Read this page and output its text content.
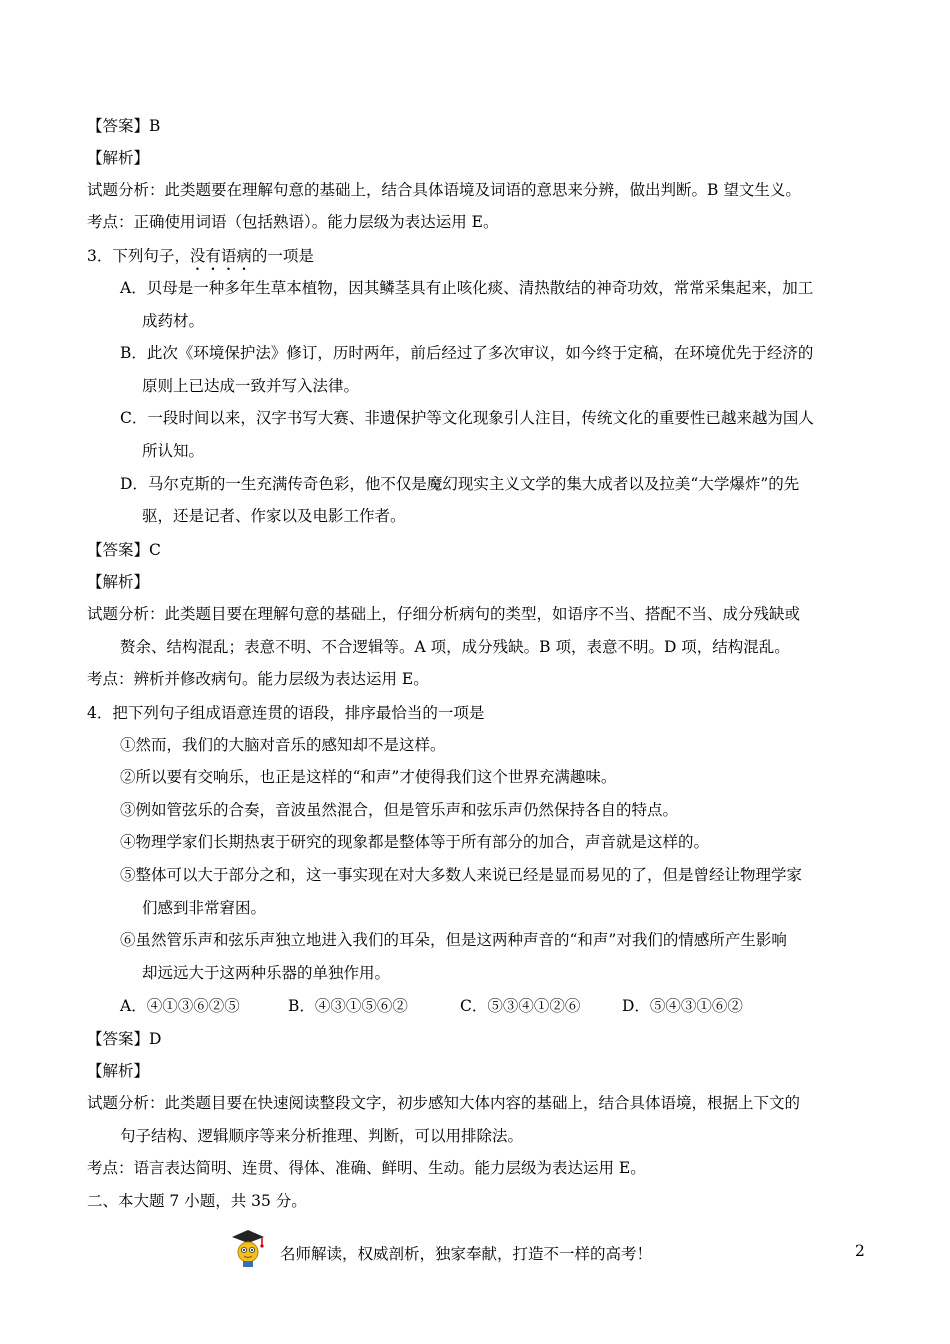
【答案】B
【解析】
试题分析：此类题要在理解句意的基础上，结合具体语境及词语的意思来分辨，做出判断。B 望文生义。
考点：正确使用词语（包括熟语）。能力层级为表达运用 E。
3．下列句子，没有语病的一项是
A．贝母是一种多年生草本植物，因其鳞茎具有止咳化痰、清热散结的神奇功效，常常采集起来，加工
成药材。
B．此次《环境保护法》修订，历时两年，前后经过了多次审议，如今终于定稿，在环境优先于经济的
原则上已达成一致并写入法律。
C．一段时间以来，汉字书写大赛、非遗保护等文化现象引人注目，传统文化的重要性已越来越为国人
所认知。
D．马尔克斯的一生充满传奇色彩，他不仅是魔幻现实主义文学的集大成者以及拉美“大学爆炸”的先
驱，还是记者、作家以及电影工作者。
【答案】C
【解析】
试题分析：此类题目要在理解句意的基础上，仔细分析病句的类型，如语序不当、搭配不当、成分残缺或
赘余、结构混乱；表意不明、不合逻辑等。A 项，成分残缺。B 项，表意不明。D 项，结构混乱。
考点：辨析并修改病句。能力层级为表达运用 E。
4．把下列句子组成语意连贯的语段，排序最恰当的一项是
①然而，我们的大脑对音乐的感知却不是这样。
②所以要有交响乐，也正是这样的“和声”才使得我们这个世界充满趣味。
③例如管弦乐的合奏，音波虽然混合，但是管乐声和弦乐声仍然保持各自的特点。
④物理学家们长期热衷于研究的现象都是整体等于所有部分的加合，声音就是这样的。
⑤整体可以大于部分之和，这一事实现在对大多数人来说已经是显而易见的了，但是曾经让物理学家
们感到非常窘困。
⑥虽然管乐声和弦乐声独立地进入我们的耳朵，但是这两种声音的“和声”对我们的情感所产生影响
却远远大于这两种乐器的单独作用。
A．④①③⑥②⑤	B．④③①⑤⑥②	C．⑤③④①②⑥	D．⑤④③①⑥②
【答案】D
【解析】
试题分析：此类题目要在快速阅读整段文字，初步感知大体内容的基础上，结合具体语境，根据上下文的
句子结构、逻辑顺序等来分析推理、判断，可以用排除法。
考点：语言表达简明、连贯、得体、准确、鲜明、生动。能力层级为表达运用 E。
二、本大题 7 小题，共 35 分。
名师解读，权威剖析，独家奉献，打造不一样的高考！	2
